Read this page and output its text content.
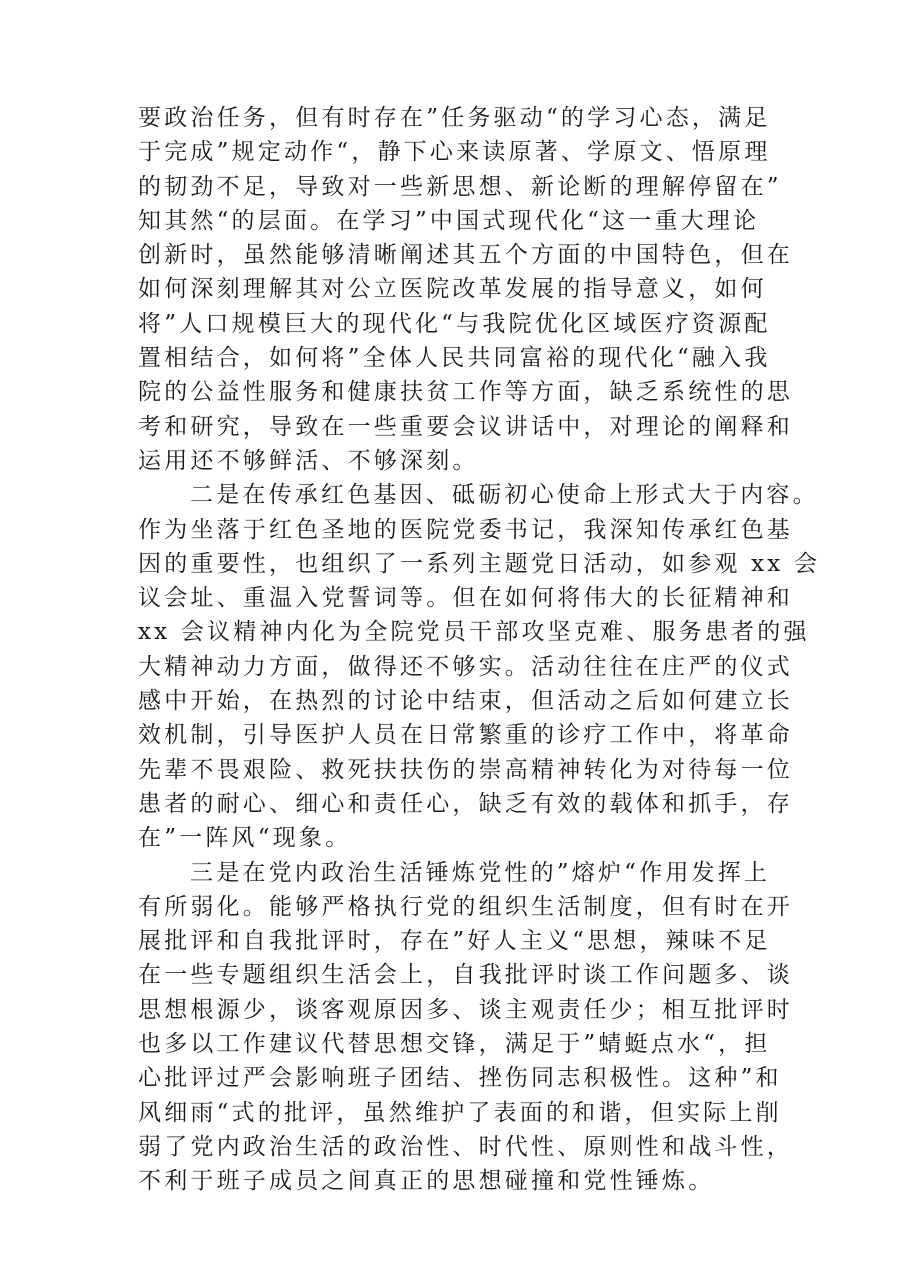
要政治任务，但有时存在”任务驱动“的学习心态，满足
于完成”规定动作“，静下心来读原著、学原文、悟原理
的韧劲不足，导致对一些新思想、新论断的理解停留在”
知其然“的层面。在学习”中国式现代化“这一重大理论
创新时，虽然能够清晰阐述其五个方面的中国特色，但在
如何深刻理解其对公立医院改革发展的指导意义，如何
将”人口规模巨大的现代化“与我院优化区域医疗资源配
置相结合，如何将”全体人民共同富裕的现代化“融入我
院的公益性服务和健康扶贫工作等方面，缺乏系统性的思
考和研究，导致在一些重要会议讲话中，对理论的阐释和
运用还不够鲜活、不够深刻。
二是在传承红色基因、砥砺初心使命上形式大于内容。
作为坐落于红色圣地的医院党委书记，我深知传承红色基
因的重要性，也组织了一系列主题党日活动，如参观 xx 会
议会址、重温入党誓词等。但在如何将伟大的长征精神和
xx 会议精神内化为全院党员干部攻坚克难、服务患者的强
大精神动力方面，做得还不够实。活动往往在庄严的仪式
感中开始，在热烈的讨论中结束，但活动之后如何建立长
效机制，引导医护人员在日常繁重的诊疗工作中，将革命
先辈不畏艰险、救死扶扶伤的崇高精神转化为对待每一位
患者的耐心、细心和责任心，缺乏有效的载体和抓手，存
在”一阵风“现象。
三是在党内政治生活锤炼党性的”熔炉“作用发挥上
有所弱化。能够严格执行党的组织生活制度，但有时在开
展批评和自我批评时，存在”好人主义“思想，辣味不足
在一些专题组织生活会上，自我批评时谈工作问题多、谈
思想根源少，谈客观原因多、谈主观责任少；相互批评时
也多以工作建议代替思想交锋，满足于”蜻蜓点水“，担
心批评过严会影响班子团结、挫伤同志积极性。这种”和
风细雨“式的批评，虽然维护了表面的和谐，但实际上削
弱了党内政治生活的政治性、时代性、原则性和战斗性，
不利于班子成员之间真正的思想碰撞和党性锤炼。
